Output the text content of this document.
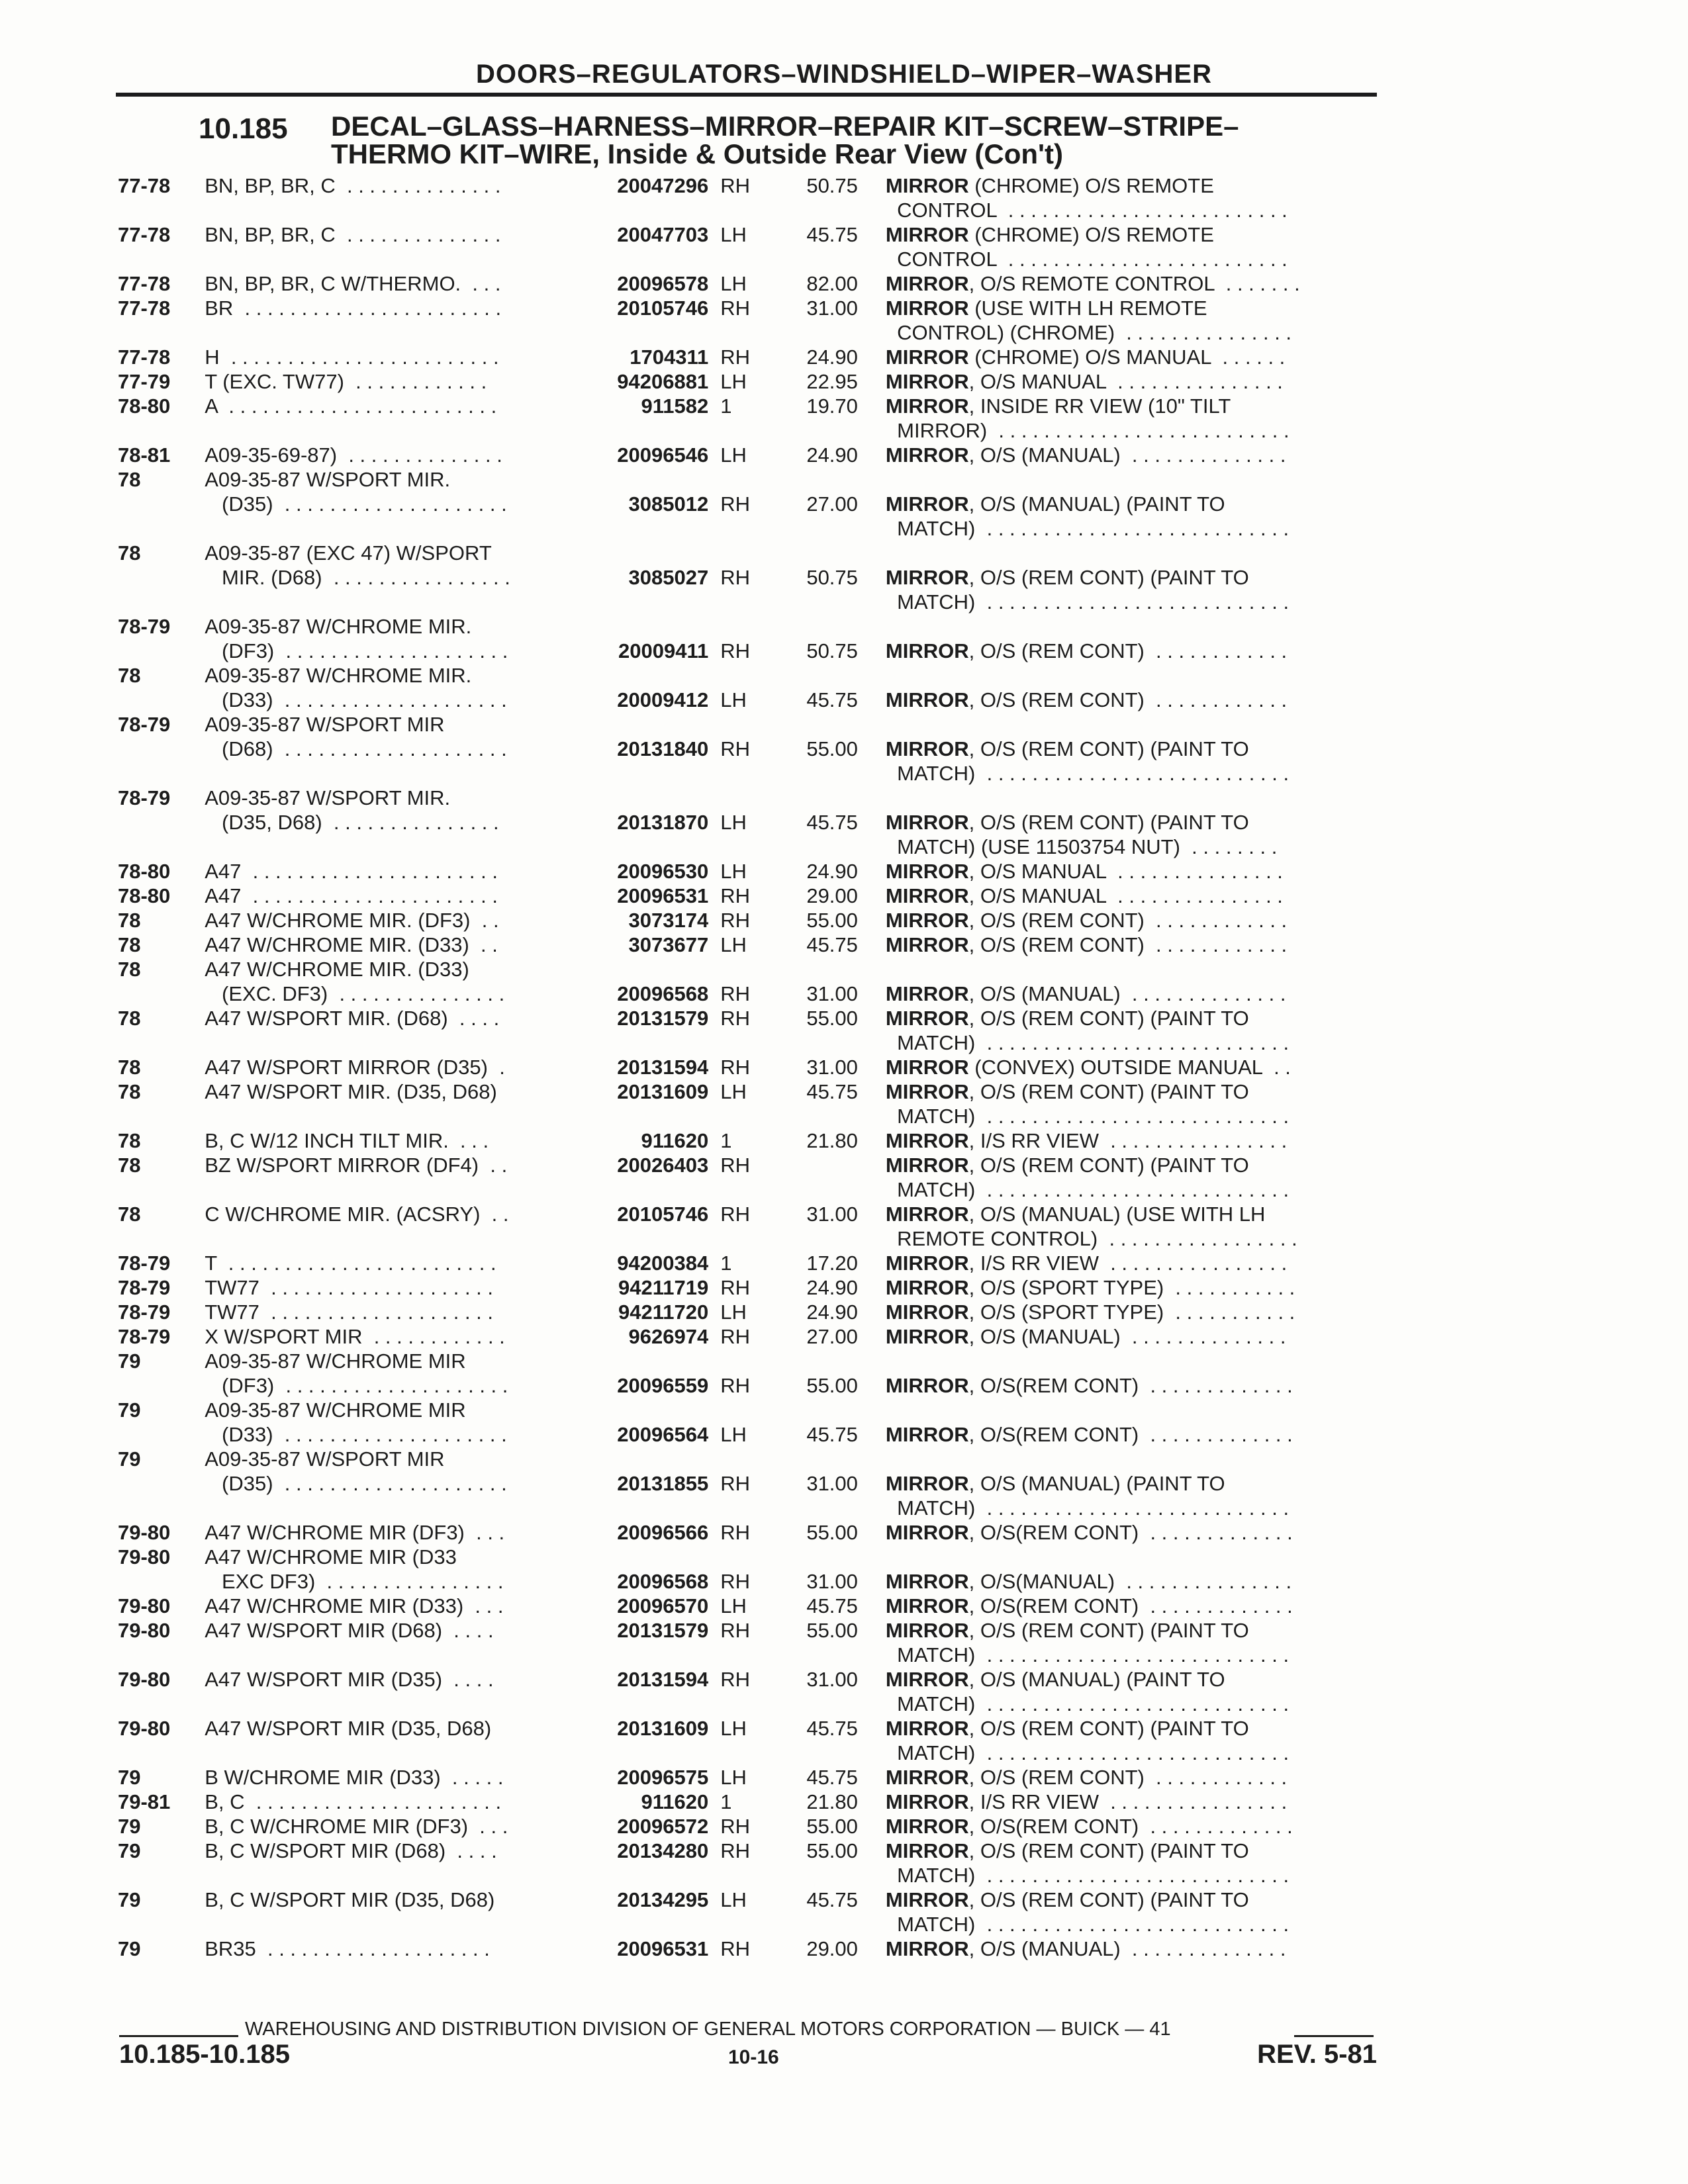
DOORS–REGULATORS–WINDSHIELD–WIPER–WASHER
10.185 DECAL–GLASS–HARNESS–MIRROR–REPAIR KIT–SCREW–STRIPE–
THERMO KIT–WIRE, Inside & Outside Rear View (Con't)
77-78	BN, BP, BR, C  . . . . . . . . . . . . . .	20047296	RH	50.75	MIRROR (CHROME) O/S REMOTE
CONTROL  . . . . . . . . . . . . . . . . . . . . . . . . .
77-78	BN, BP, BR, C  . . . . . . . . . . . . . .	20047703	LH	45.75	MIRROR (CHROME) O/S REMOTE
CONTROL  . . . . . . . . . . . . . . . . . . . . . . . . .
77-78	BN, BP, BR, C W/THERMO.  . . .	20096578	LH	82.00	MIRROR, O/S REMOTE CONTROL  . . . . . . .
77-78	BR  . . . . . . . . . . . . . . . . . . . . . . .	20105746	RH	31.00	MIRROR (USE WITH LH REMOTE
CONTROL) (CHROME)  . . . . . . . . . . . . . . .
77-78	H  . . . . . . . . . . . . . . . . . . . . . . . .	1704311	RH	24.90	MIRROR (CHROME) O/S MANUAL  . . . . . .
77-79	T (EXC. TW77)  . . . . . . . . . . . .	94206881	LH	22.95	MIRROR, O/S MANUAL  . . . . . . . . . . . . . . .
78-80	A  . . . . . . . . . . . . . . . . . . . . . . . .	911582	1	19.70	MIRROR, INSIDE RR VIEW (10" TILT
MIRROR)  . . . . . . . . . . . . . . . . . . . . . . . . . .
78-81	A09-35-69-87)  . . . . . . . . . . . . . .	20096546	LH	24.90	MIRROR, O/S (MANUAL)  . . . . . . . . . . . . . .
78	A09-35-87 W/SPORT MIR.				
	(D35)  . . . . . . . . . . . . . . . . . . . .	3085012	RH	27.00	MIRROR, O/S (MANUAL) (PAINT TO
MATCH)  . . . . . . . . . . . . . . . . . . . . . . . . . . .
78	A09-35-87 (EXC 47) W/SPORT				
	MIR. (D68)  . . . . . . . . . . . . . . . .	3085027	RH	50.75	MIRROR, O/S (REM CONT) (PAINT TO
MATCH)  . . . . . . . . . . . . . . . . . . . . . . . . . . .
78-79	A09-35-87 W/CHROME MIR.				
	(DF3)  . . . . . . . . . . . . . . . . . . . .	20009411	RH	50.75	MIRROR, O/S (REM CONT)  . . . . . . . . . . . .
78	A09-35-87 W/CHROME MIR.				
	(D33)  . . . . . . . . . . . . . . . . . . . .	20009412	LH	45.75	MIRROR, O/S (REM CONT)  . . . . . . . . . . . .
78-79	A09-35-87 W/SPORT MIR				
	(D68)  . . . . . . . . . . . . . . . . . . . .	20131840	RH	55.00	MIRROR, O/S (REM CONT) (PAINT TO
MATCH)  . . . . . . . . . . . . . . . . . . . . . . . . . . .
78-79	A09-35-87 W/SPORT MIR.				
	(D35, D68)  . . . . . . . . . . . . . . .	20131870	LH	45.75	MIRROR, O/S (REM CONT) (PAINT TO
MATCH) (USE 11503754 NUT)  . . . . . . . .
78-80	A47  . . . . . . . . . . . . . . . . . . . . . .	20096530	LH	24.90	MIRROR, O/S MANUAL  . . . . . . . . . . . . . . .
78-80	A47  . . . . . . . . . . . . . . . . . . . . . .	20096531	RH	29.00	MIRROR, O/S MANUAL  . . . . . . . . . . . . . . .
78	A47 W/CHROME MIR. (DF3)  . .	3073174	RH	55.00	MIRROR, O/S (REM CONT)  . . . . . . . . . . . .
78	A47 W/CHROME MIR. (D33)  . .	3073677	LH	45.75	MIRROR, O/S (REM CONT)  . . . . . . . . . . . .
78	A47 W/CHROME MIR. (D33)				
	(EXC. DF3)  . . . . . . . . . . . . . . .	20096568	RH	31.00	MIRROR, O/S (MANUAL)  . . . . . . . . . . . . . .
78	A47 W/SPORT MIR. (D68)  . . . .	20131579	RH	55.00	MIRROR, O/S (REM CONT) (PAINT TO
MATCH)  . . . . . . . . . . . . . . . . . . . . . . . . . . .
78	A47 W/SPORT MIRROR (D35)  .	20131594	RH	31.00	MIRROR (CONVEX) OUTSIDE MANUAL  . .
78	A47 W/SPORT MIR. (D35, D68)	20131609	LH	45.75	MIRROR, O/S (REM CONT) (PAINT TO
MATCH)  . . . . . . . . . . . . . . . . . . . . . . . . . . .
78	B, C W/12 INCH TILT MIR.  . . .	911620	1	21.80	MIRROR, I/S RR VIEW  . . . . . . . . . . . . . . . .
78	BZ W/SPORT MIRROR (DF4)  . .	20026403	RH		MIRROR, O/S (REM CONT) (PAINT TO
MATCH)  . . . . . . . . . . . . . . . . . . . . . . . . . . .
78	C W/CHROME MIR. (ACSRY)  . .	20105746	RH	31.00	MIRROR, O/S (MANUAL) (USE WITH LH
REMOTE CONTROL)  . . . . . . . . . . . . . . . . .
78-79	T  . . . . . . . . . . . . . . . . . . . . . . . .	94200384	1	17.20	MIRROR, I/S RR VIEW  . . . . . . . . . . . . . . . .
78-79	TW77  . . . . . . . . . . . . . . . . . . . .	94211719	RH	24.90	MIRROR, O/S (SPORT TYPE)  . . . . . . . . . . .
78-79	TW77  . . . . . . . . . . . . . . . . . . . .	94211720	LH	24.90	MIRROR, O/S (SPORT TYPE)  . . . . . . . . . . .
78-79	X W/SPORT MIR  . . . . . . . . . . . .	9626974	RH	27.00	MIRROR, O/S (MANUAL)  . . . . . . . . . . . . . .
79	A09-35-87 W/CHROME MIR				
	(DF3)  . . . . . . . . . . . . . . . . . . . .	20096559	RH	55.00	MIRROR, O/S(REM CONT)  . . . . . . . . . . . . .
79	A09-35-87 W/CHROME MIR				
	(D33)  . . . . . . . . . . . . . . . . . . . .	20096564	LH	45.75	MIRROR, O/S(REM CONT)  . . . . . . . . . . . . .
79	A09-35-87 W/SPORT MIR				
	(D35)  . . . . . . . . . . . . . . . . . . . .	20131855	RH	31.00	MIRROR, O/S (MANUAL) (PAINT TO
MATCH)  . . . . . . . . . . . . . . . . . . . . . . . . . . .
79-80	A47 W/CHROME MIR (DF3)  . . .	20096566	RH	55.00	MIRROR, O/S(REM CONT)  . . . . . . . . . . . . .
79-80	A47 W/CHROME MIR (D33				
	EXC DF3)  . . . . . . . . . . . . . . . .	20096568	RH	31.00	MIRROR, O/S(MANUAL)  . . . . . . . . . . . . . . .
79-80	A47 W/CHROME MIR (D33)  . . .	20096570	LH	45.75	MIRROR, O/S(REM CONT)  . . . . . . . . . . . . .
79-80	A47 W/SPORT MIR (D68)  . . . .	20131579	RH	55.00	MIRROR, O/S (REM CONT) (PAINT TO
MATCH)  . . . . . . . . . . . . . . . . . . . . . . . . . . .
79-80	A47 W/SPORT MIR (D35)  . . . .	20131594	RH	31.00	MIRROR, O/S (MANUAL) (PAINT TO
MATCH)  . . . . . . . . . . . . . . . . . . . . . . . . . . .
79-80	A47 W/SPORT MIR (D35, D68)	20131609	LH	45.75	MIRROR, O/S (REM CONT) (PAINT TO
MATCH)  . . . . . . . . . . . . . . . . . . . . . . . . . . .
79	B W/CHROME MIR (D33)  . . . . .	20096575	LH	45.75	MIRROR, O/S (REM CONT)  . . . . . . . . . . . .
79-81	B, C  . . . . . . . . . . . . . . . . . . . . . .	911620	1	21.80	MIRROR, I/S RR VIEW  . . . . . . . . . . . . . . . .
79	B, C W/CHROME MIR (DF3)  . . .	20096572	RH	55.00	MIRROR, O/S(REM CONT)  . . . . . . . . . . . . .
79	B, C W/SPORT MIR (D68)  . . . .	20134280	RH	55.00	MIRROR, O/S (REM CONT) (PAINT TO
MATCH)  . . . . . . . . . . . . . . . . . . . . . . . . . . .
79	B, C W/SPORT MIR (D35, D68)	20134295	LH	45.75	MIRROR, O/S (REM CONT) (PAINT TO
MATCH)  . . . . . . . . . . . . . . . . . . . . . . . . . . .
79	BR35  . . . . . . . . . . . . . . . . . . . .	20096531	RH	29.00	MIRROR, O/S (MANUAL)  . . . . . . . . . . . . . .
WAREHOUSING AND DISTRIBUTION DIVISION OF GENERAL MOTORS CORPORATION — BUICK — 41
10.185-10.185	10-16	REV. 5-81
